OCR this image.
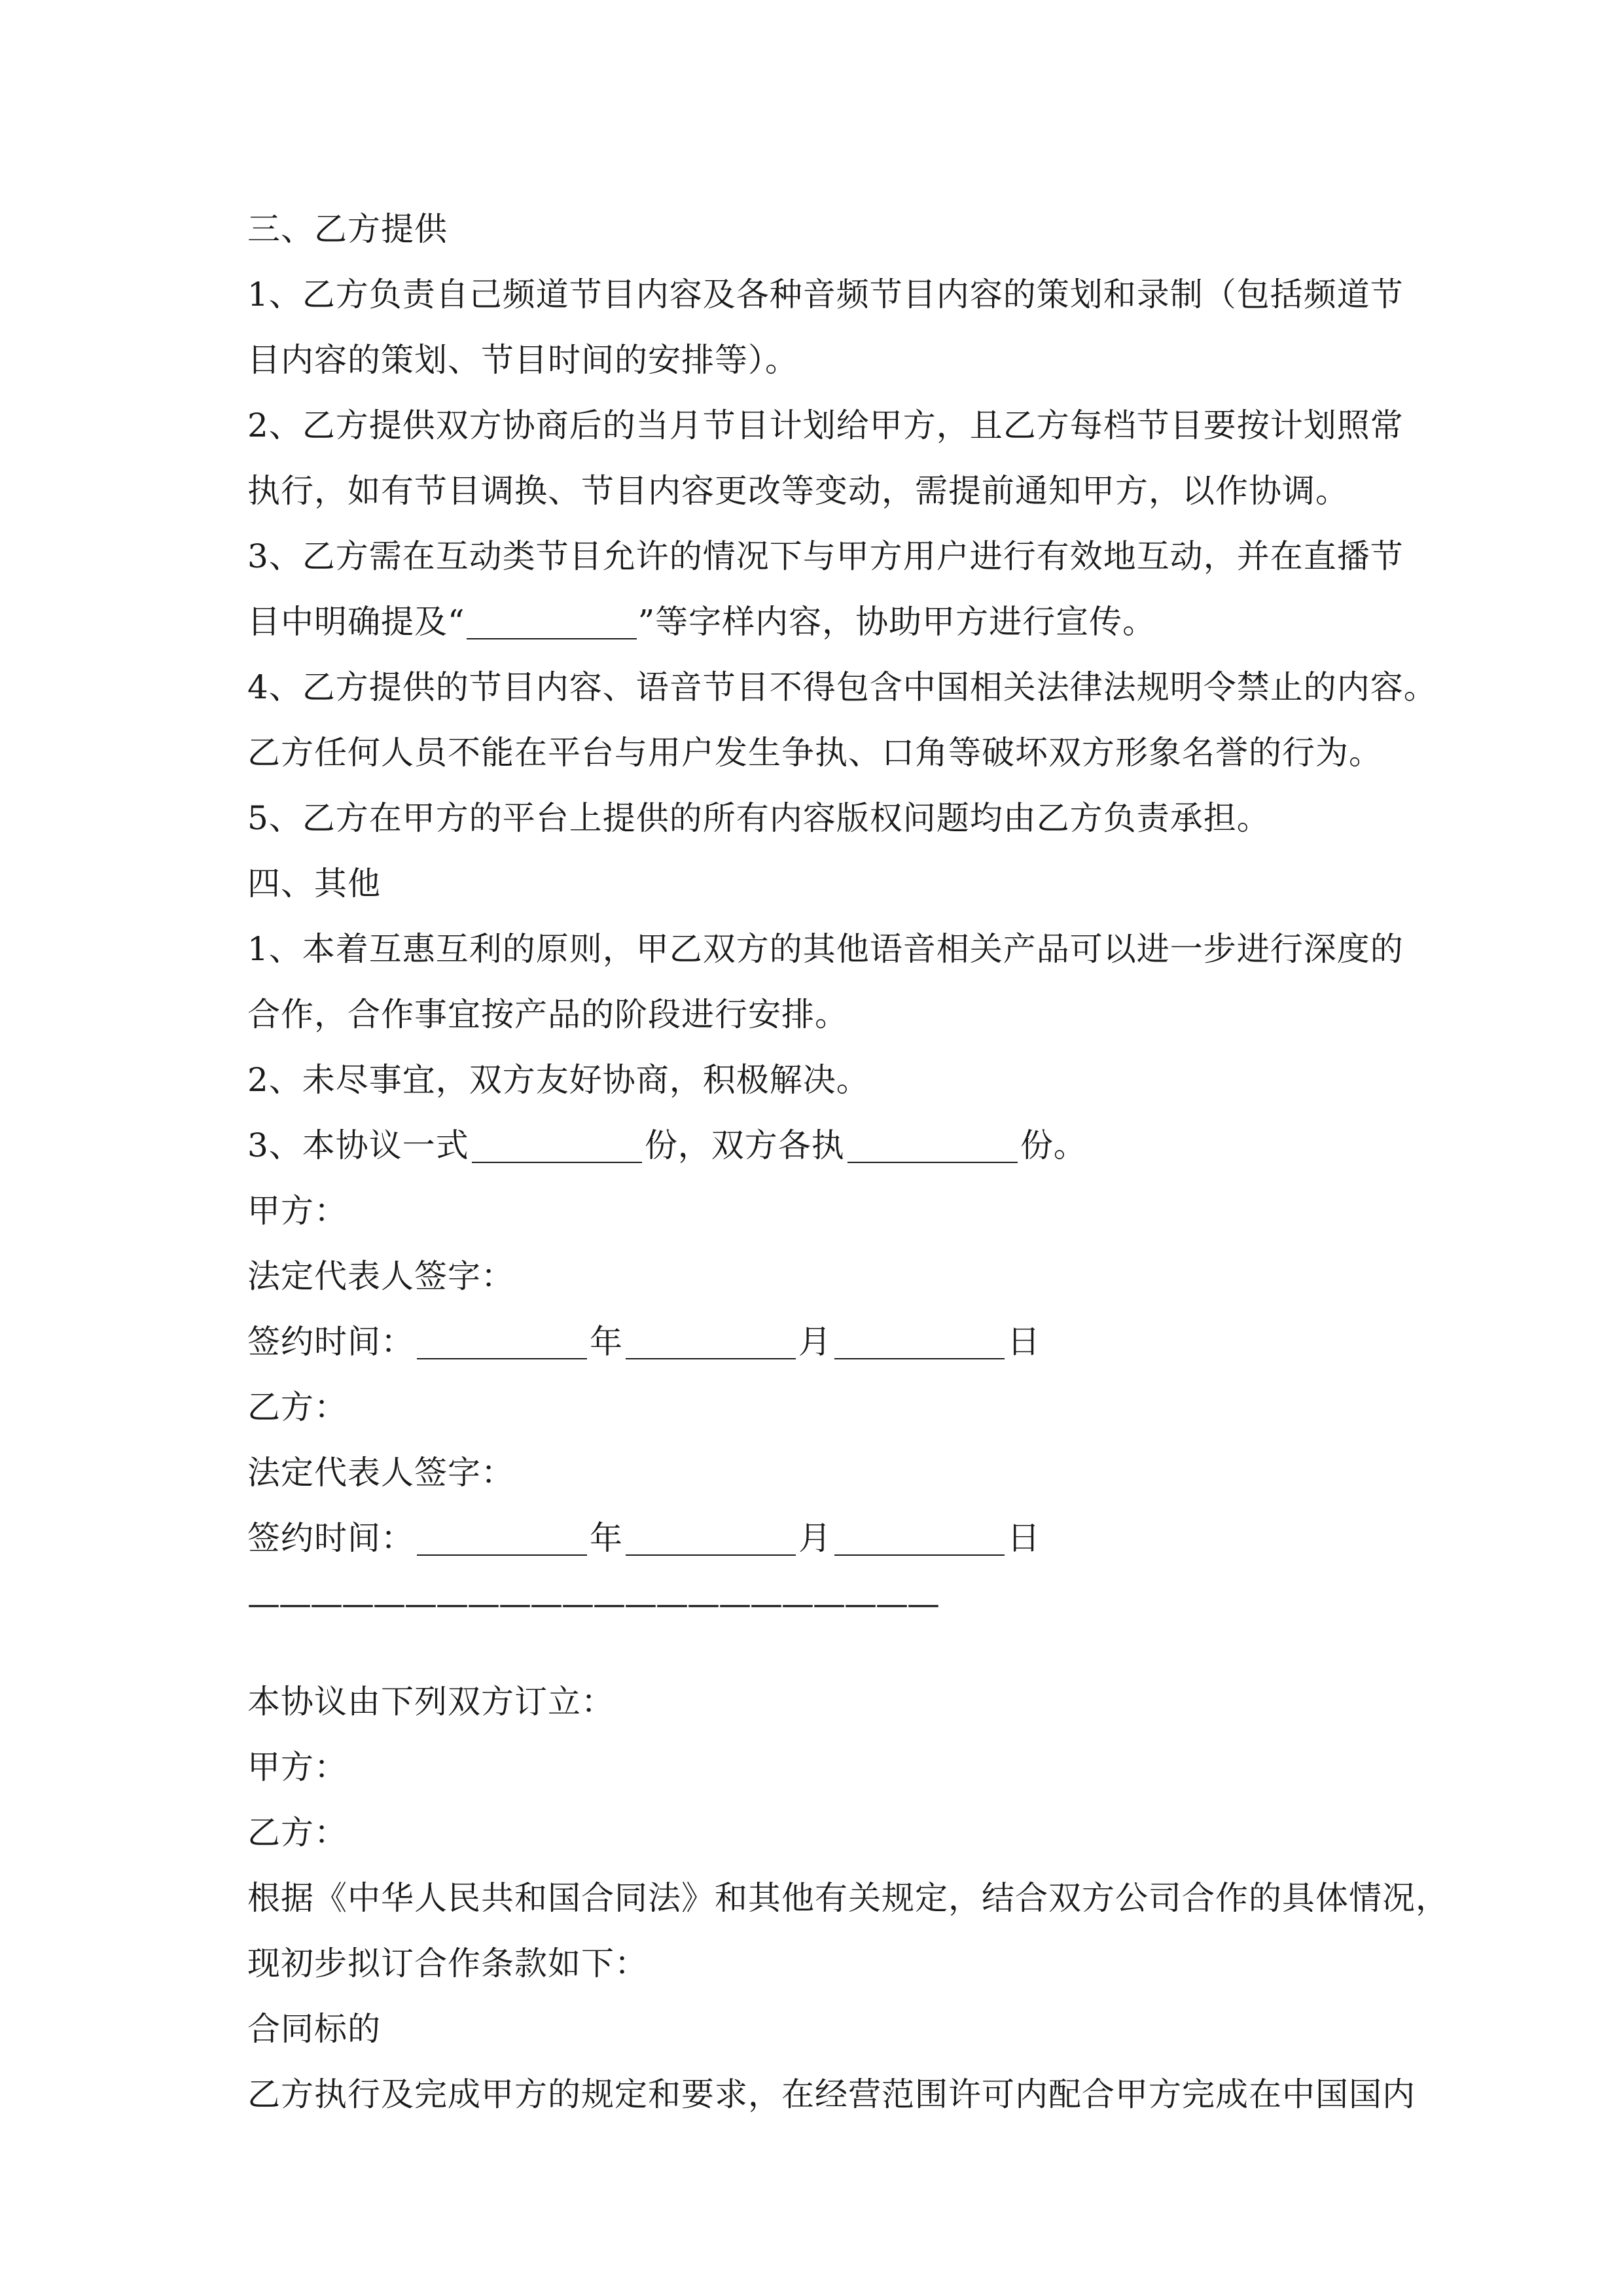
三、乙方提供
1、乙方负责自己频道节目内容及各种音频节目内容的策划和录制（包括频道节
目内容的策划、节目时间的安排等）。
2、乙方提供双方协商后的当月节目计划给甲方，且乙方每档节目要按计划照常
执行，如有节目调换、节目内容更改等变动，需提前通知甲方，以作协调。
3、乙方需在互动类节目允许的情况下与甲方用户进行有效地互动，并在直播节
目中明确提及“	”等字样内容，协助甲方进行宣传。
4、乙方提供的节目内容、语音节目不得包含中国相关法律法规明令禁止的内容。
乙方任何人员不能在平台与用户发生争执、口角等破坏双方形象名誉的行为。
5、乙方在甲方的平台上提供的所有内容版权问题均由乙方负责承担。
四、其他
1、本着互惠互利的原则，甲乙双方的其他语音相关产品可以进一步进行深度的
合作，合作事宜按产品的阶段进行安排。
2、未尽事宜，双方友好协商，积极解决。
3、本协议一式	份，双方各执	份。
甲方：
法定代表人签字：
签约时间：	年	月	日
乙方：
法定代表人签字：
签约时间：	年	月	日
——————————————————————
本协议由下列双方订立：
甲方：
乙方：
根据《中华人民共和国合同法》和其他有关规定，结合双方公司合作的具体情况，
现初步拟订合作条款如下：
合同标的
乙方执行及完成甲方的规定和要求，在经营范围许可内配合甲方完成在中国国内
